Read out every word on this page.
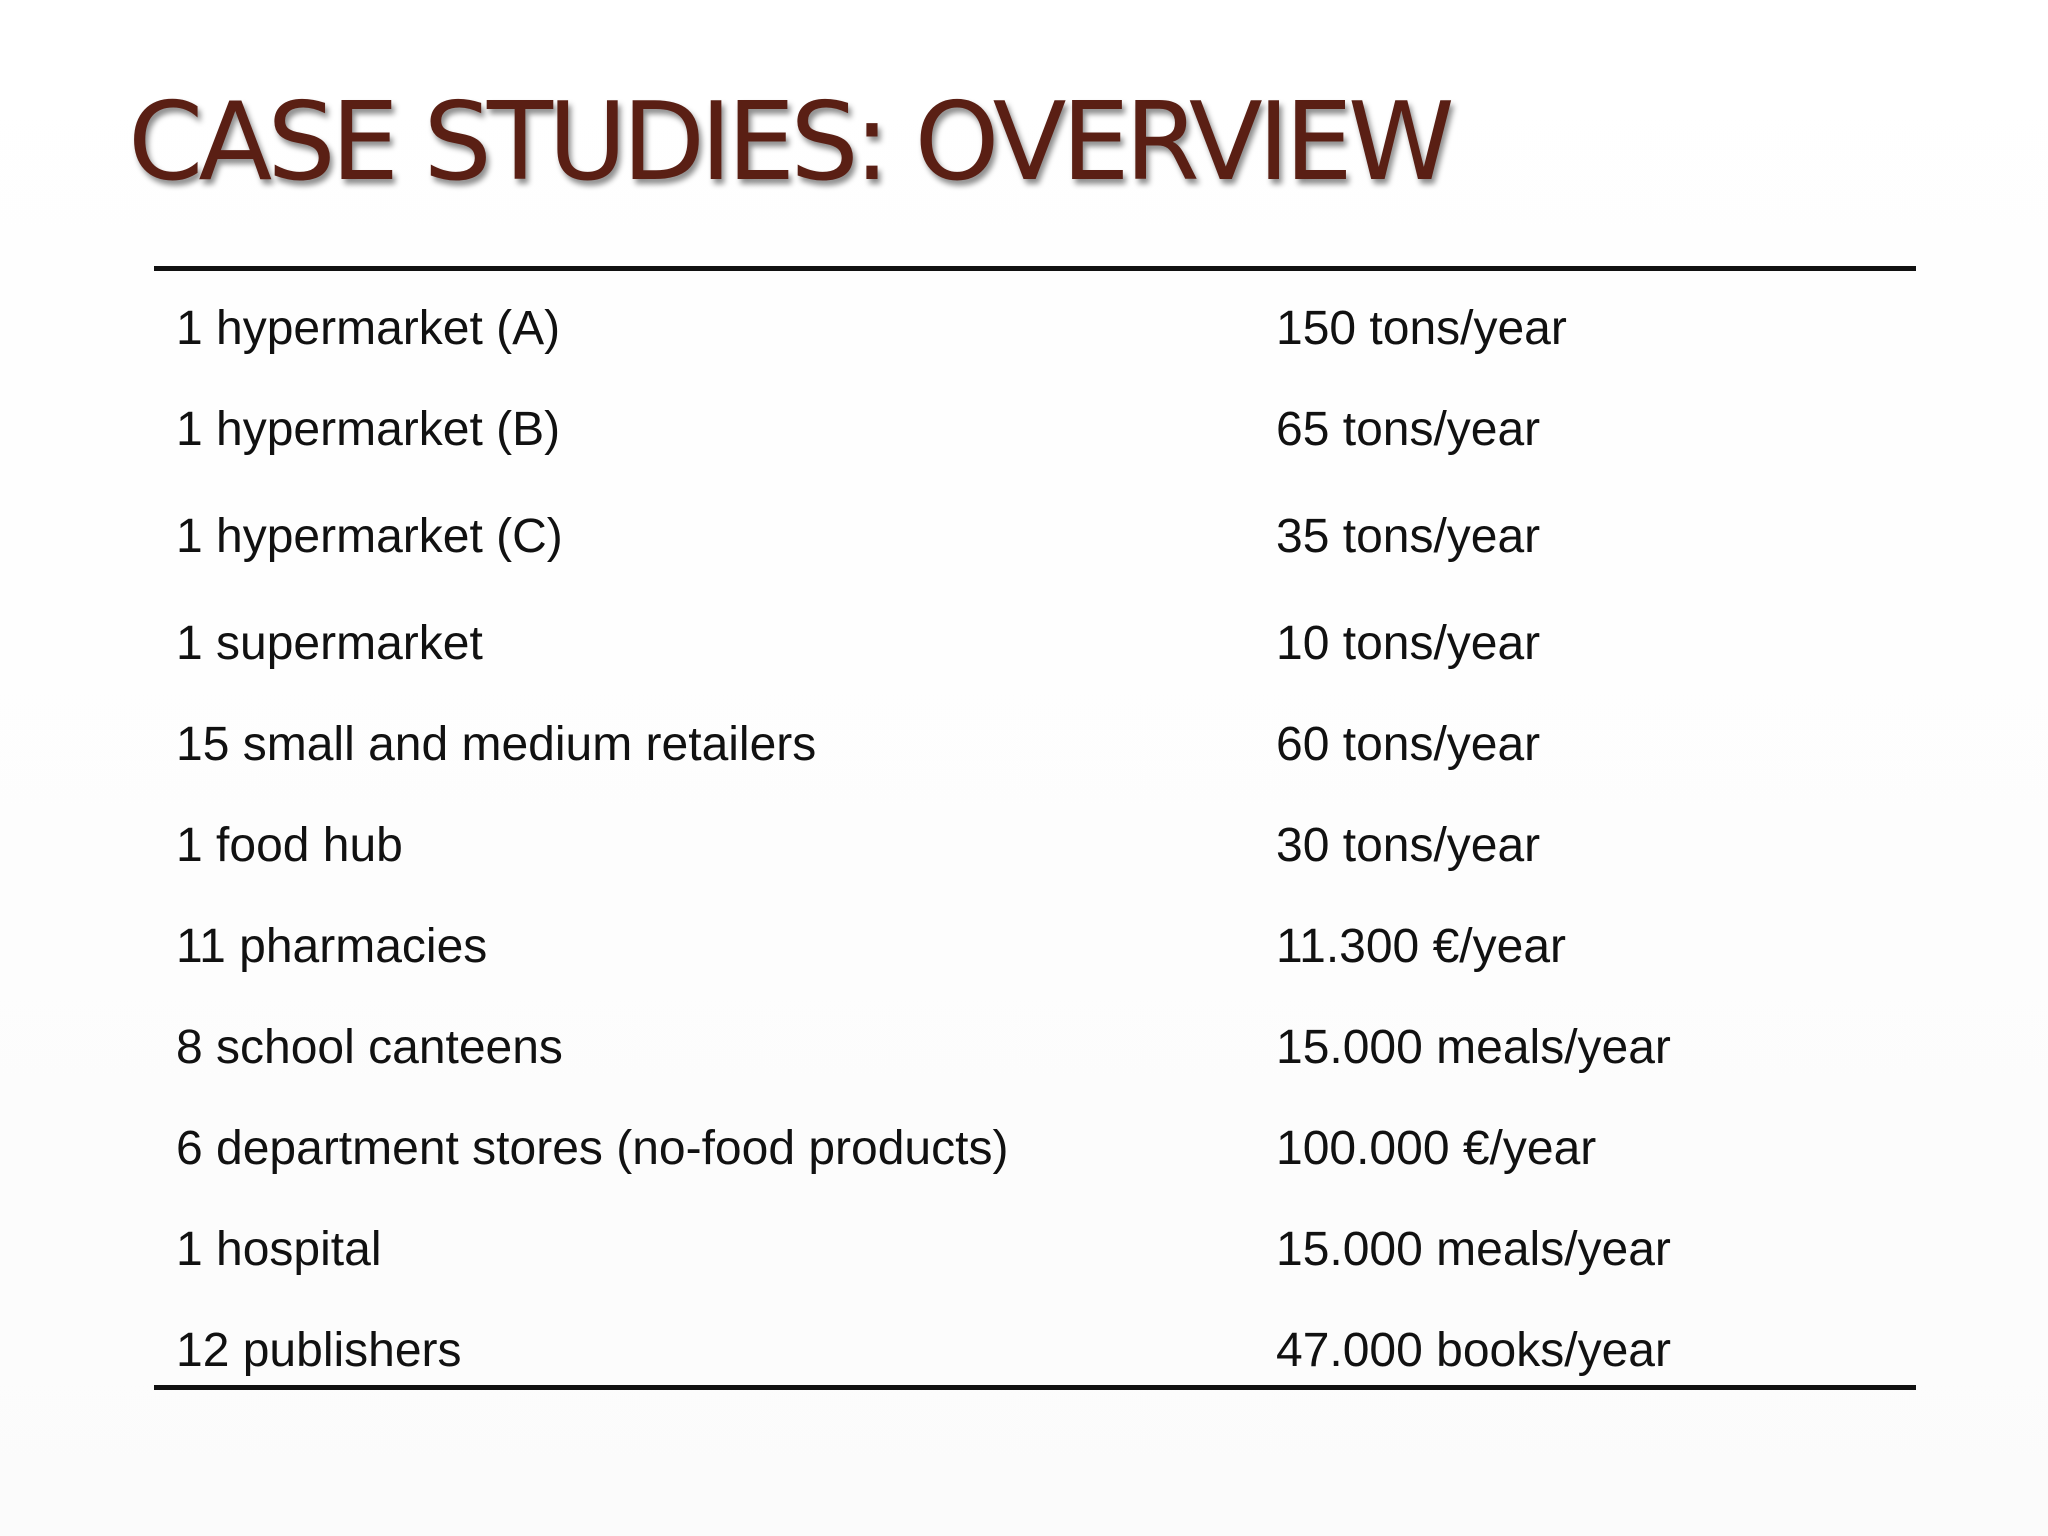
CASE STUDIES: OVERVIEW
1 hypermarket (A)	150 tons/year
1 hypermarket (B)	65 tons/year
1 hypermarket (C)	35 tons/year
1 supermarket	10 tons/year
15 small and medium retailers	60 tons/year
1 food hub	30 tons/year
11 pharmacies	11.300 €/year
8 school canteens	15.000 meals/year
6 department stores (no-food products)	100.000 €/year
1 hospital	15.000 meals/year
12 publishers	47.000 books/year
